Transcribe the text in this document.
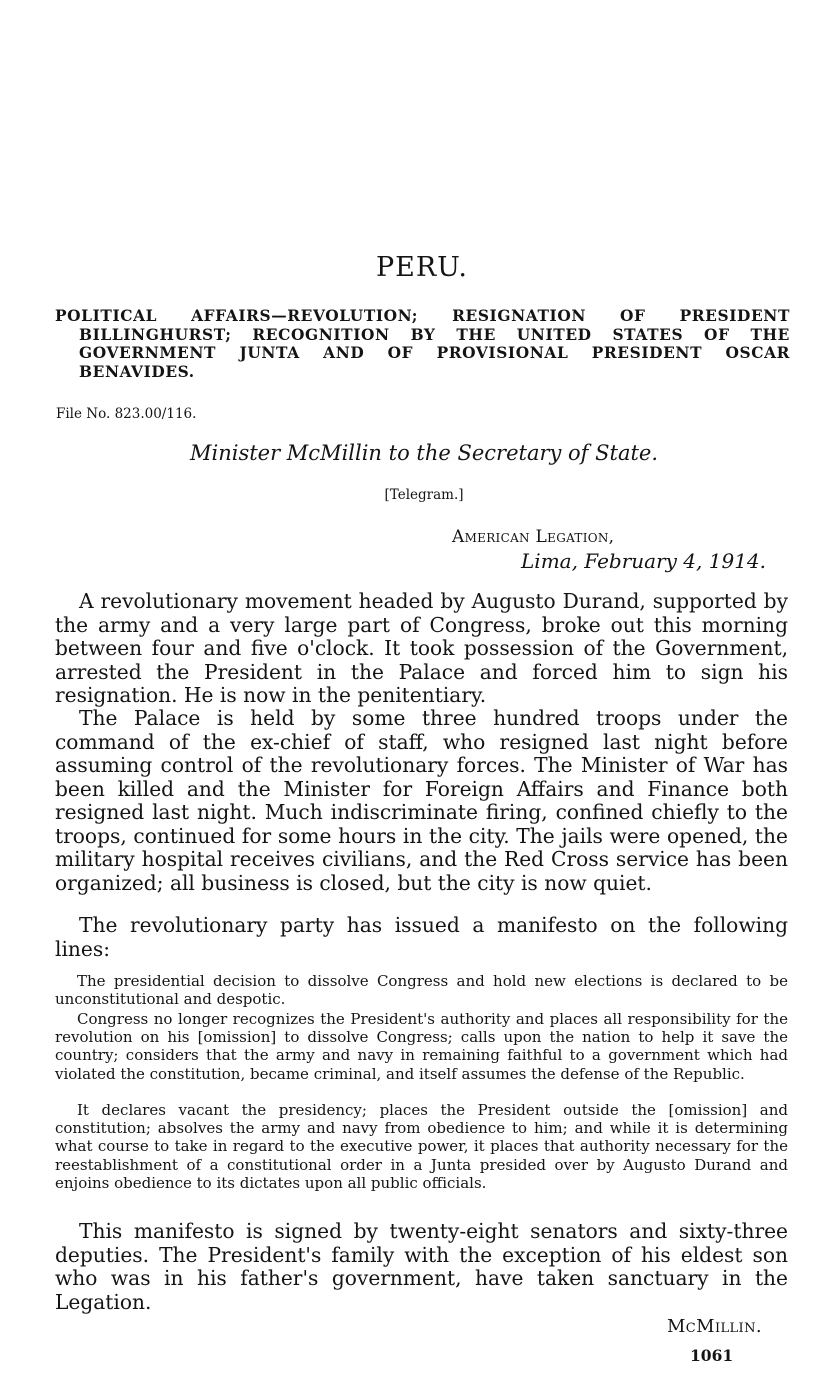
PERU.
POLITICAL AFFAIRS—REVOLUTION; RESIGNATION OF PRESIDENT BILLINGHURST; RECOGNITION BY THE UNITED STATES OF THE GOVERNMENT JUNTA AND OF PROVISIONAL PRESIDENT OSCAR BENAVIDES.
File No. 823.00/116.
Minister McMillin to the Secretary of State.
[Telegram.]
American Legation,
Lima, February 4, 1914.

A revolutionary movement headed by Augusto Durand, supported by the army and a very large part of Congress, broke out this morning between four and five o'clock. It took possession of the Government, arrested the President in the Palace and forced him to sign his resignation. He is now in the penitentiary.

The Palace is held by some three hundred troops under the command of the ex-chief of staff, who resigned last night before assuming control of the revolutionary forces. The Minister of War has been killed and the Minister for Foreign Affairs and Finance both resigned last night. Much indiscriminate firing, confined chiefly to the troops, continued for some hours in the city. The jails were opened, the military hospital receives civilians, and the Red Cross service has been organized; all business is closed, but the city is now quiet.

The revolutionary party has issued a manifesto on the following lines:

The presidential decision to dissolve Congress and hold new elections is declared to be unconstitutional and despotic.

Congress no longer recognizes the President's authority and places all responsibility for the revolution on his [omission] to dissolve Congress; calls upon the nation to help it save the country; considers that the army and navy in remaining faithful to a government which had violated the constitution, became criminal, and itself assumes the defense of the Republic.

It declares vacant the presidency; places the President outside the [omission] and constitution; absolves the army and navy from obedience to him; and while it is determining what course to take in regard to the executive power, it places that authority necessary for the reestablishment of a constitutional order in a Junta presided over by Augusto Durand and enjoins obedience to its dictates upon all public officials.

This manifesto is signed by twenty-eight senators and sixty-three deputies. The President's family with the exception of his eldest son who was in his father's government, have taken sanctuary in the Legation.

McMillin.
1061
